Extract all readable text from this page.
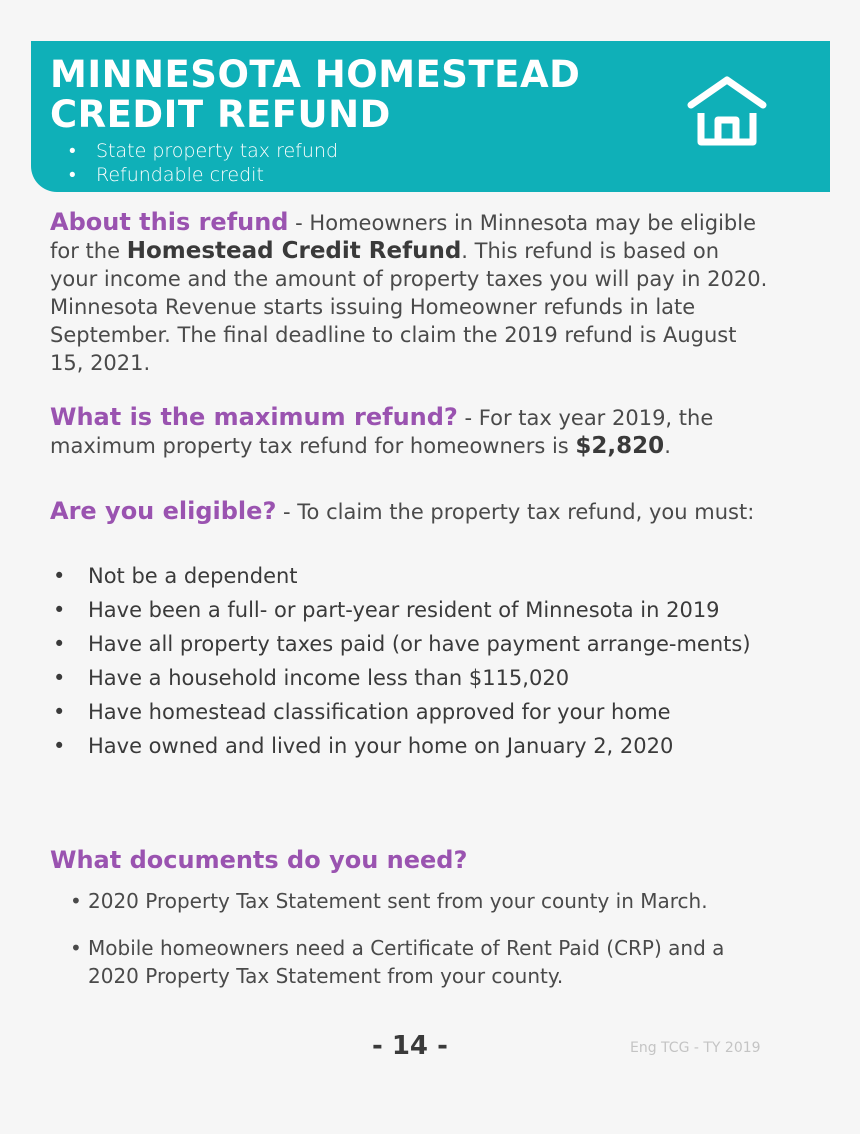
MINNESOTA HOMESTEAD
CREDIT REFUND
• State property tax refund
• Refundable credit
About this refund - Homeowners in Minnesota may be eligible for the Homestead Credit Refund. This refund is based on your income and the amount of property taxes you will pay in 2020. Minnesota Revenue starts issuing Homeowner refunds in late September. The final deadline to claim the 2019 refund is August 15, 2021.
What is the maximum refund? - For tax year 2019, the maximum property tax refund for homeowners is $2,820.
Are you eligible? - To claim the property tax refund, you must:
• Not be a dependent
• Have been a full- or part-year resident of Minnesota in 2019
• Have all property taxes paid (or have payment arrange-ments)
• Have a household income less than $115,020
• Have homestead classification approved for your home
• Have owned and lived in your home on January 2, 2020
What documents do you need?
• 2020 Property Tax Statement sent from your county in March.
• Mobile homeowners need a Certificate of Rent Paid (CRP) and a 2020 Property Tax Statement from your county.
- 14 -	Eng TCG - TY 2019
